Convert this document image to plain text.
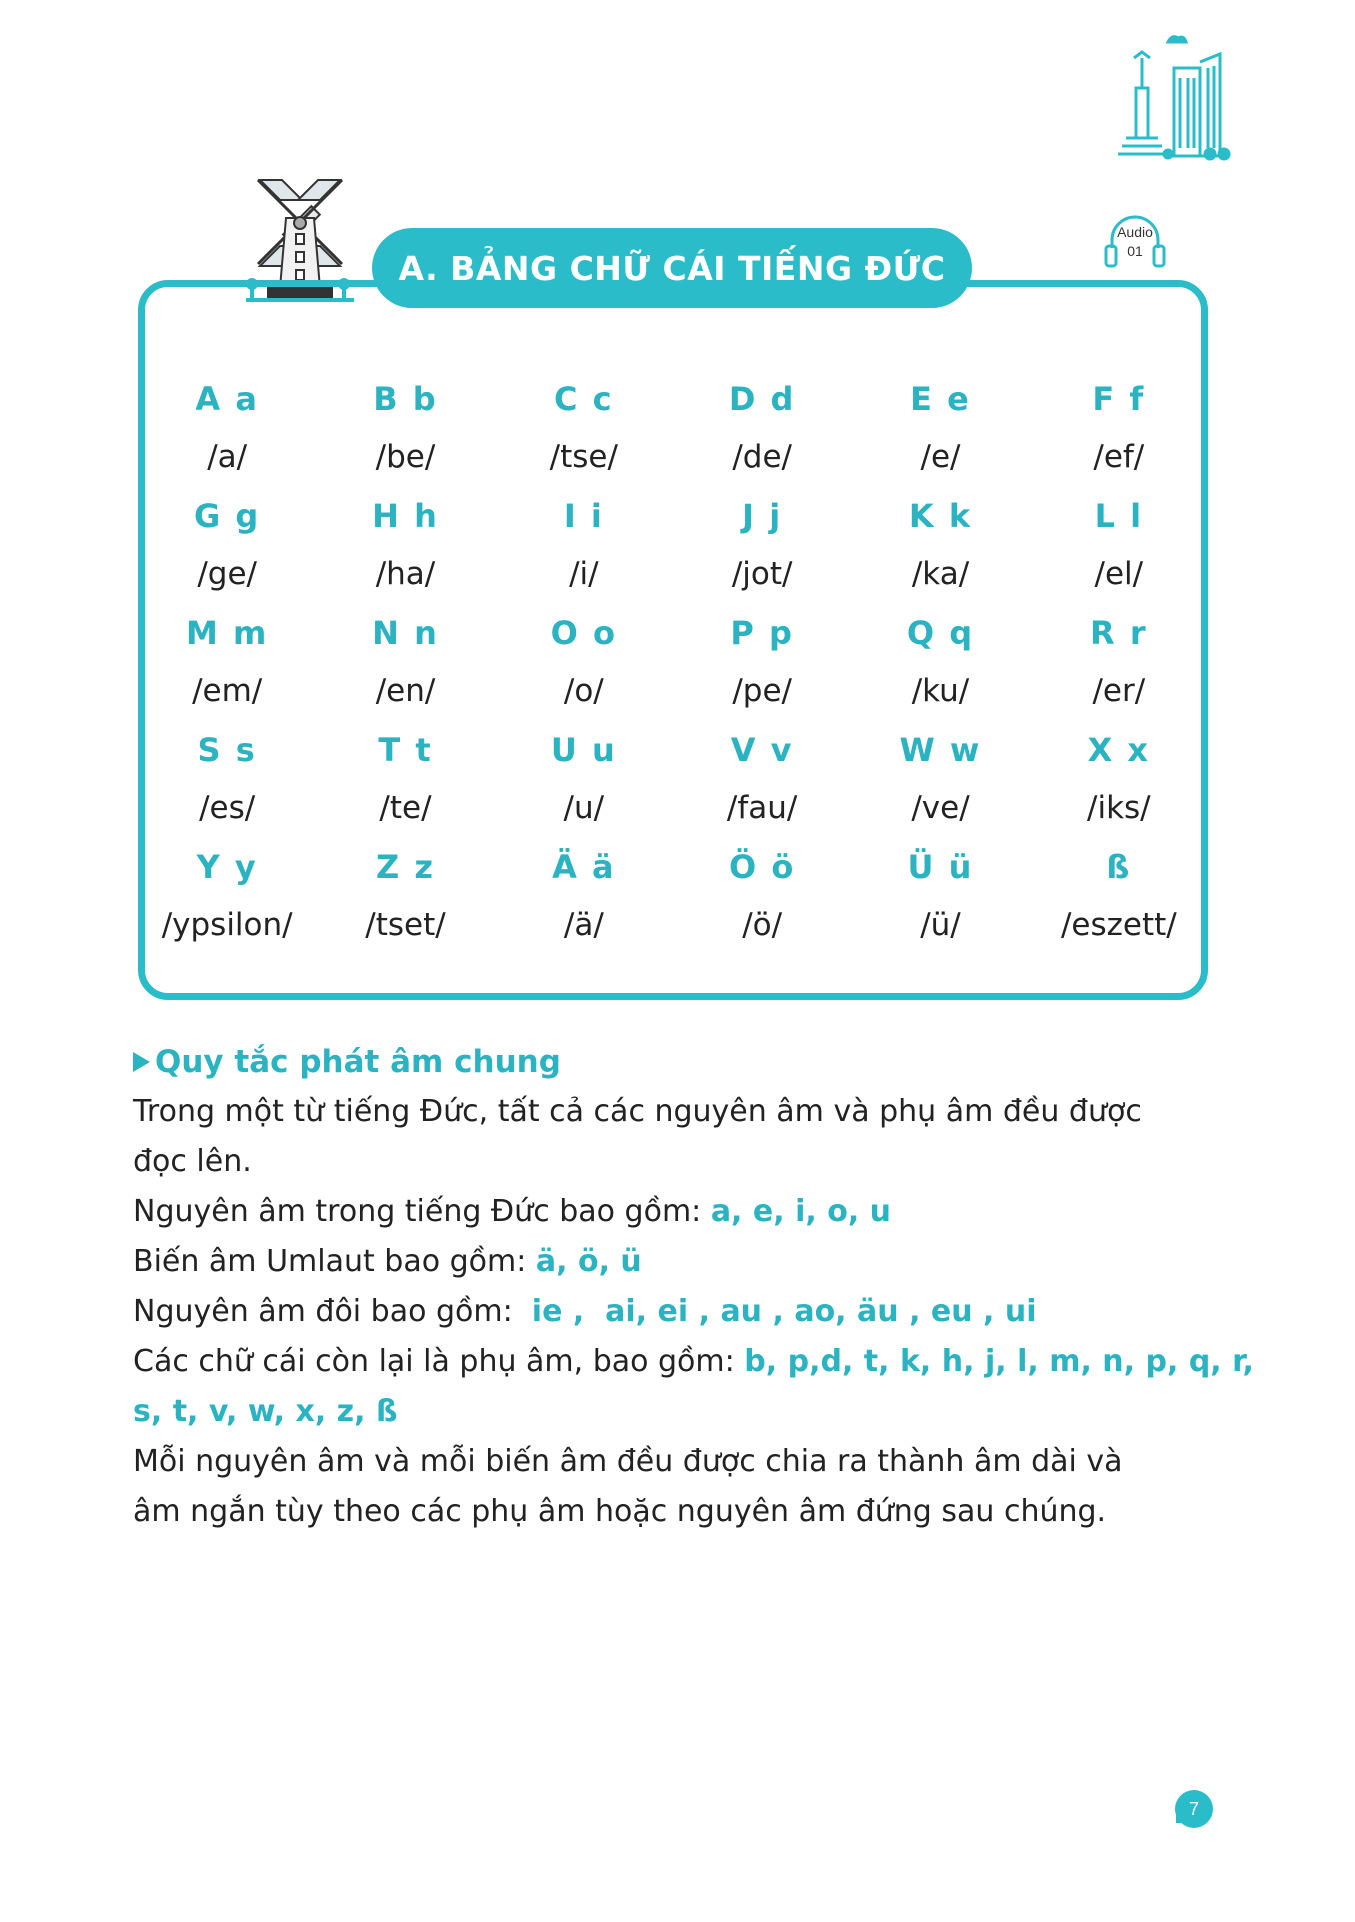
A. BẢNG CHỮ CÁI TIẾNG ĐỨC
Audio
01
A a
/a/
B b
/be/
C c
/tse/
D d
/de/
E e
/e/
F f
/ef/
G g
/ge/
H h
/ha/
I i
/i/
J j
/jot/
K k
/ka/
L l
/el/
M m
/em/
N n
/en/
O o
/o/
P p
/pe/
Q q
/ku/
R r
/er/
S s
/es/
T t
/te/
U u
/u/
V v
/fau/
W w
/ve/
X x
/iks/
Y y
/ypsilon/
Z z
/tset/
Ä ä
/ä/
Ö ö
/ö/
Ü ü
/ü/
ß
/eszett/
Quy tắc phát âm chung
Trong một từ tiếng Đức, tất cả các nguyên âm và phụ âm đều được
đọc lên.
Nguyên âm trong tiếng Đức bao gồm: a, e, i, o, u
Biến âm Umlaut bao gồm: ä, ö, ü
Nguyên âm đôi bao gồm:  ie ,  ai, ei , au , ao, äu , eu , ui
Các chữ cái còn lại là phụ âm, bao gồm: b, p,d, t, k, h, j, l, m, n, p, q, r,
s, t, v, w, x, z, ß
Mỗi nguyên âm và mỗi biến âm đều được chia ra thành âm dài và
âm ngắn tùy theo các phụ âm hoặc nguyên âm đứng sau chúng.
7
